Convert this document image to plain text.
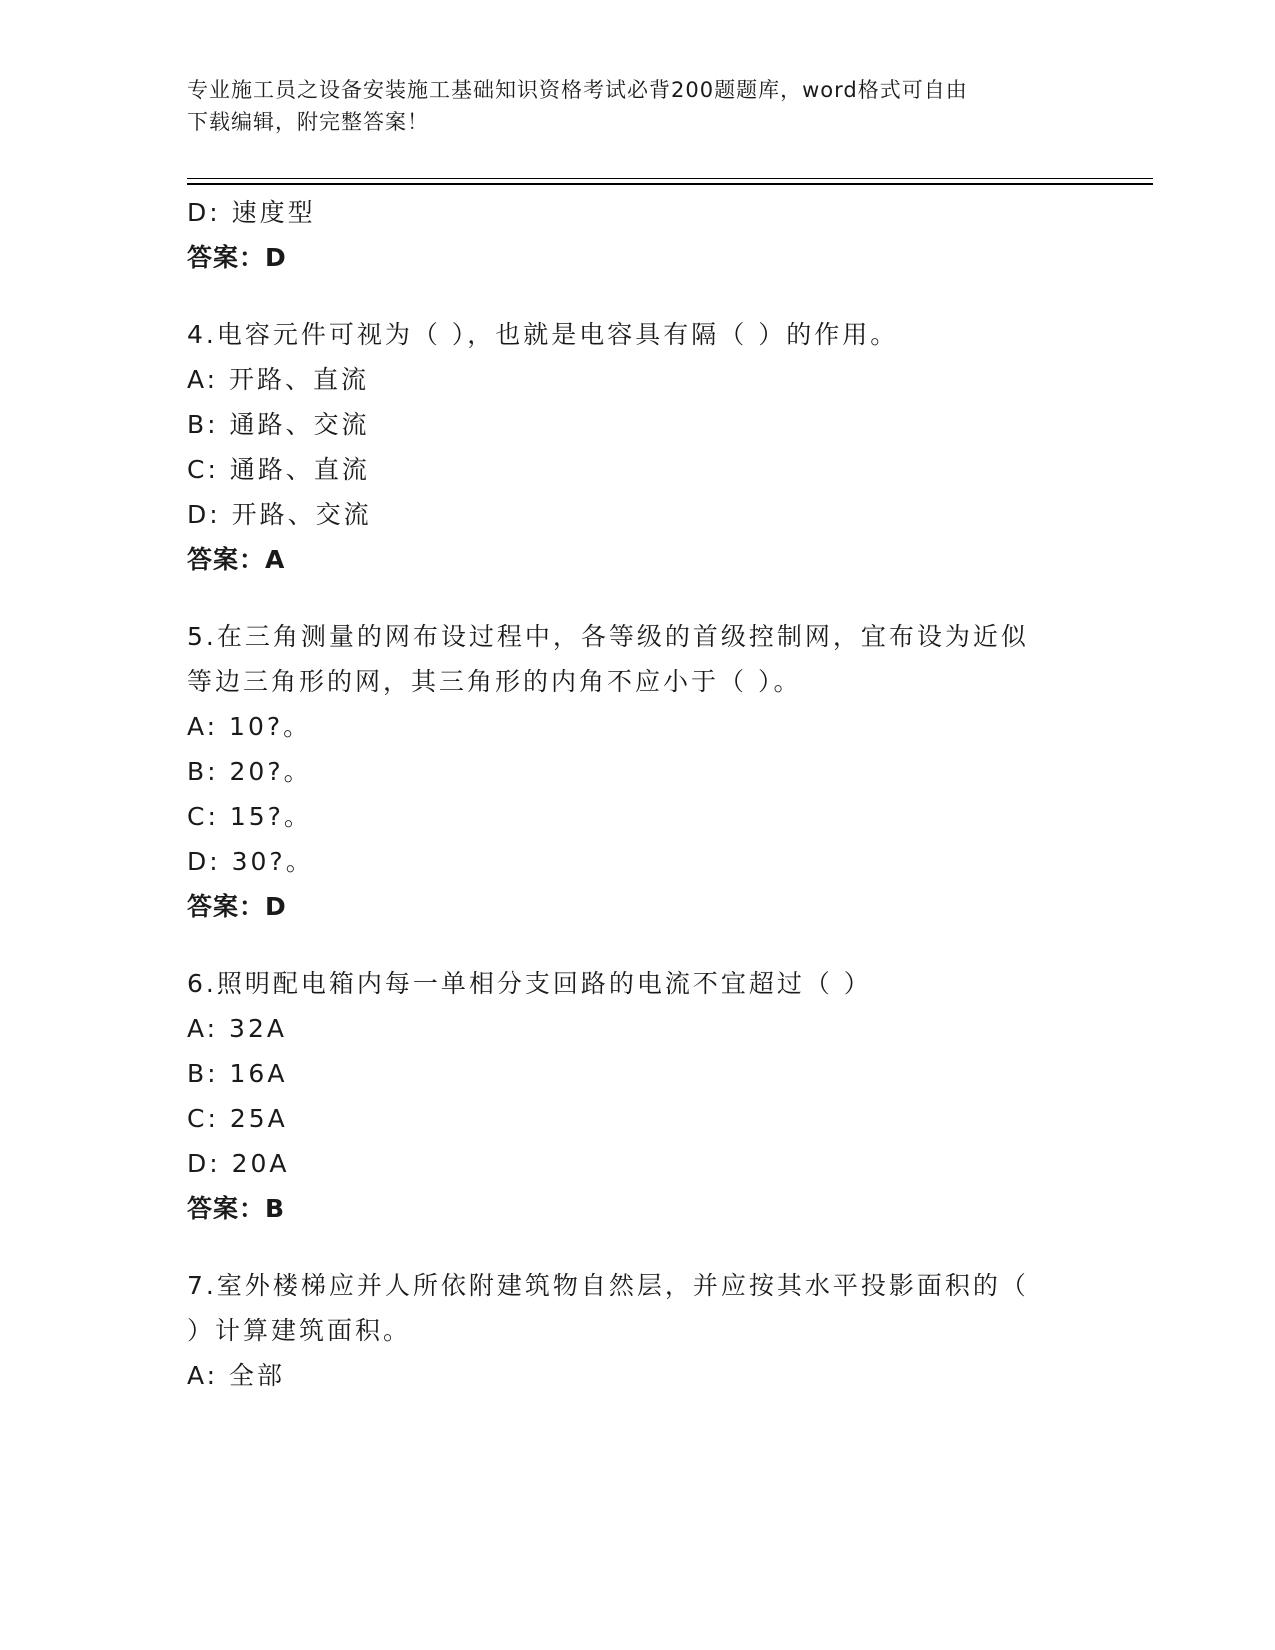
专业施工员之设备安装施工基础知识资格考试必背200题题库，word格式可自由
下载编辑，附完整答案！
D: 速度型
答案：D
4.电容元件可视为（ ），也就是电容具有隔（ ）的作用。
A: 开路、直流
B: 通路、交流
C: 通路、直流
D: 开路、交流
答案：A
5.在三角测量的网布设过程中，各等级的首级控制网，宜布设为近似
等边三角形的网，其三角形的内角不应小于（ ）。
A: 10?。
B: 20?。
C: 15?。
D: 30?。
答案：D
6.照明配电箱内每一单相分支回路的电流不宜超过（ ）
A: 32A
B: 16A
C: 25A
D: 20A
答案：B
7.室外楼梯应并人所依附建筑物自然层，并应按其水平投影面积的（
）计算建筑面积。
A: 全部
